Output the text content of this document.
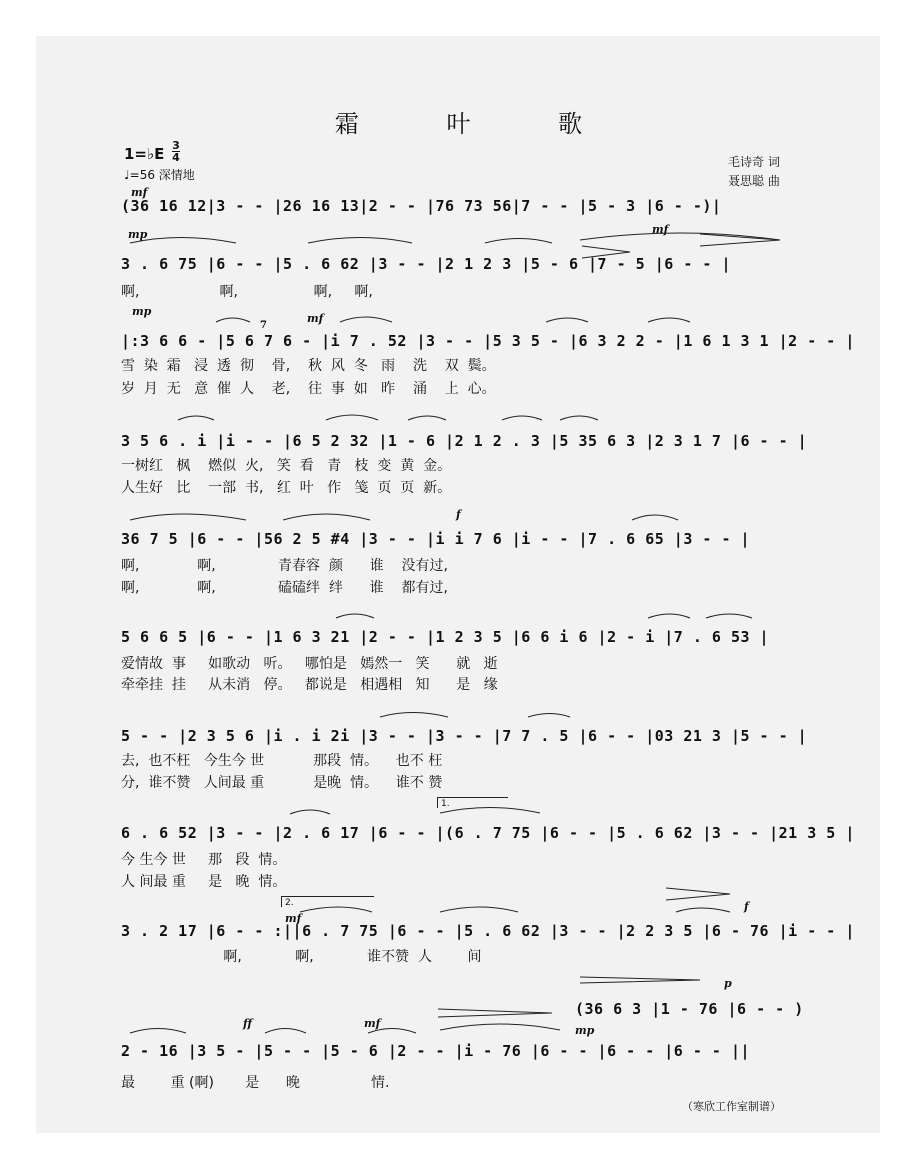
霜 叶 歌
1=♭E 3
4
♩=56 深情地
毛诗奇 词
聂思聪 曲
mf
mp	mf
mp
mf
f
mf
f
p
ff	mf
mp
7
(36 16 12|3 - - |26 16 13|2 - - |76 73 56|7 - - |5 - 3 |6 - -)|
3 . 6 75 |6 - - |5 . 6 62 |3 - - |2 1 2 3 |5 - 6 |7 - 5 |6 - - |
啊,                  啊,                 啊,     啊,
|:3 6 6 - |5 6 7 6 - |i 7 . 52 |3 - - |5 3 5 - |6 3 2 2 - |1 6 1 3 1 |2 - - |
雪  染  霜   浸  透  彻    骨,    秋  风  冬   雨    洗    双  鬓。
岁  月  无   意  催  人    老,    往  事  如   昨    涌    上  心。
3 5 6 . i |i - - |6 5 2 32 |1 - 6 |2 1 2 . 3 |5 35 6 3 |2 3 1 7 |6 - - |
一树红   枫    燃似  火,   笑  看   青   枝  变  黄  金。
人生好   比    一部  书,   红  叶   作   笺  页  页  新。
36 7 5 |6 - - |56 2 5 #4 |3 - - |i i 7 6 |i - - |7 . 6 65 |3 - - |
啊,             啊,              青春容  颜      谁    没有过,
啊,             啊,              磕磕绊  绊      谁    都有过,
5 6 6 5 |6 - - |1 6 3 21 |2 - - |1 2 3 5 |6 6 i 6 |2 - i |7 . 6 53 |
爱情故  事     如歌动   听。   哪怕是   嫣然一   笑      就   逝
牵牵挂  挂     从未消   停。   都说是   相遇相   知      是   缘
5 - - |2 3 5 6 |i . i 2i |3 - - |3 - - |7 7 . 5 |6 - - |03 21 3 |5 - - |
去,  也不枉   今生今 世           那段  情。    也不 枉
分,  谁不赞   人间最 重           是晚  情。    谁不 赞
6 . 6 52 |3 - - |2 . 6 17 |6 - - |(6 . 7 75 |6 - - |5 . 6 62 |3 - - |21 3 5 |
今 生今 世     那   段  情。
人 间最 重     是   晚  情。
3 . 2 17 |6 - - :||6 . 7 75 |6 - - |5 . 6 62 |3 - - |2 2 3 5 |6 - 76 |i - - |
啊,            啊,            谁不赞  人        间
(36 6 3 |1 - 76 |6 - - )
2 - 16 |3 5 - |5 - - |5 - 6 |2 - - |i - 76 |6 - - |6 - - |6 - - ||
最        重 (啊)       是      晚                情.
1.
2.
（寒欣工作室制谱）
